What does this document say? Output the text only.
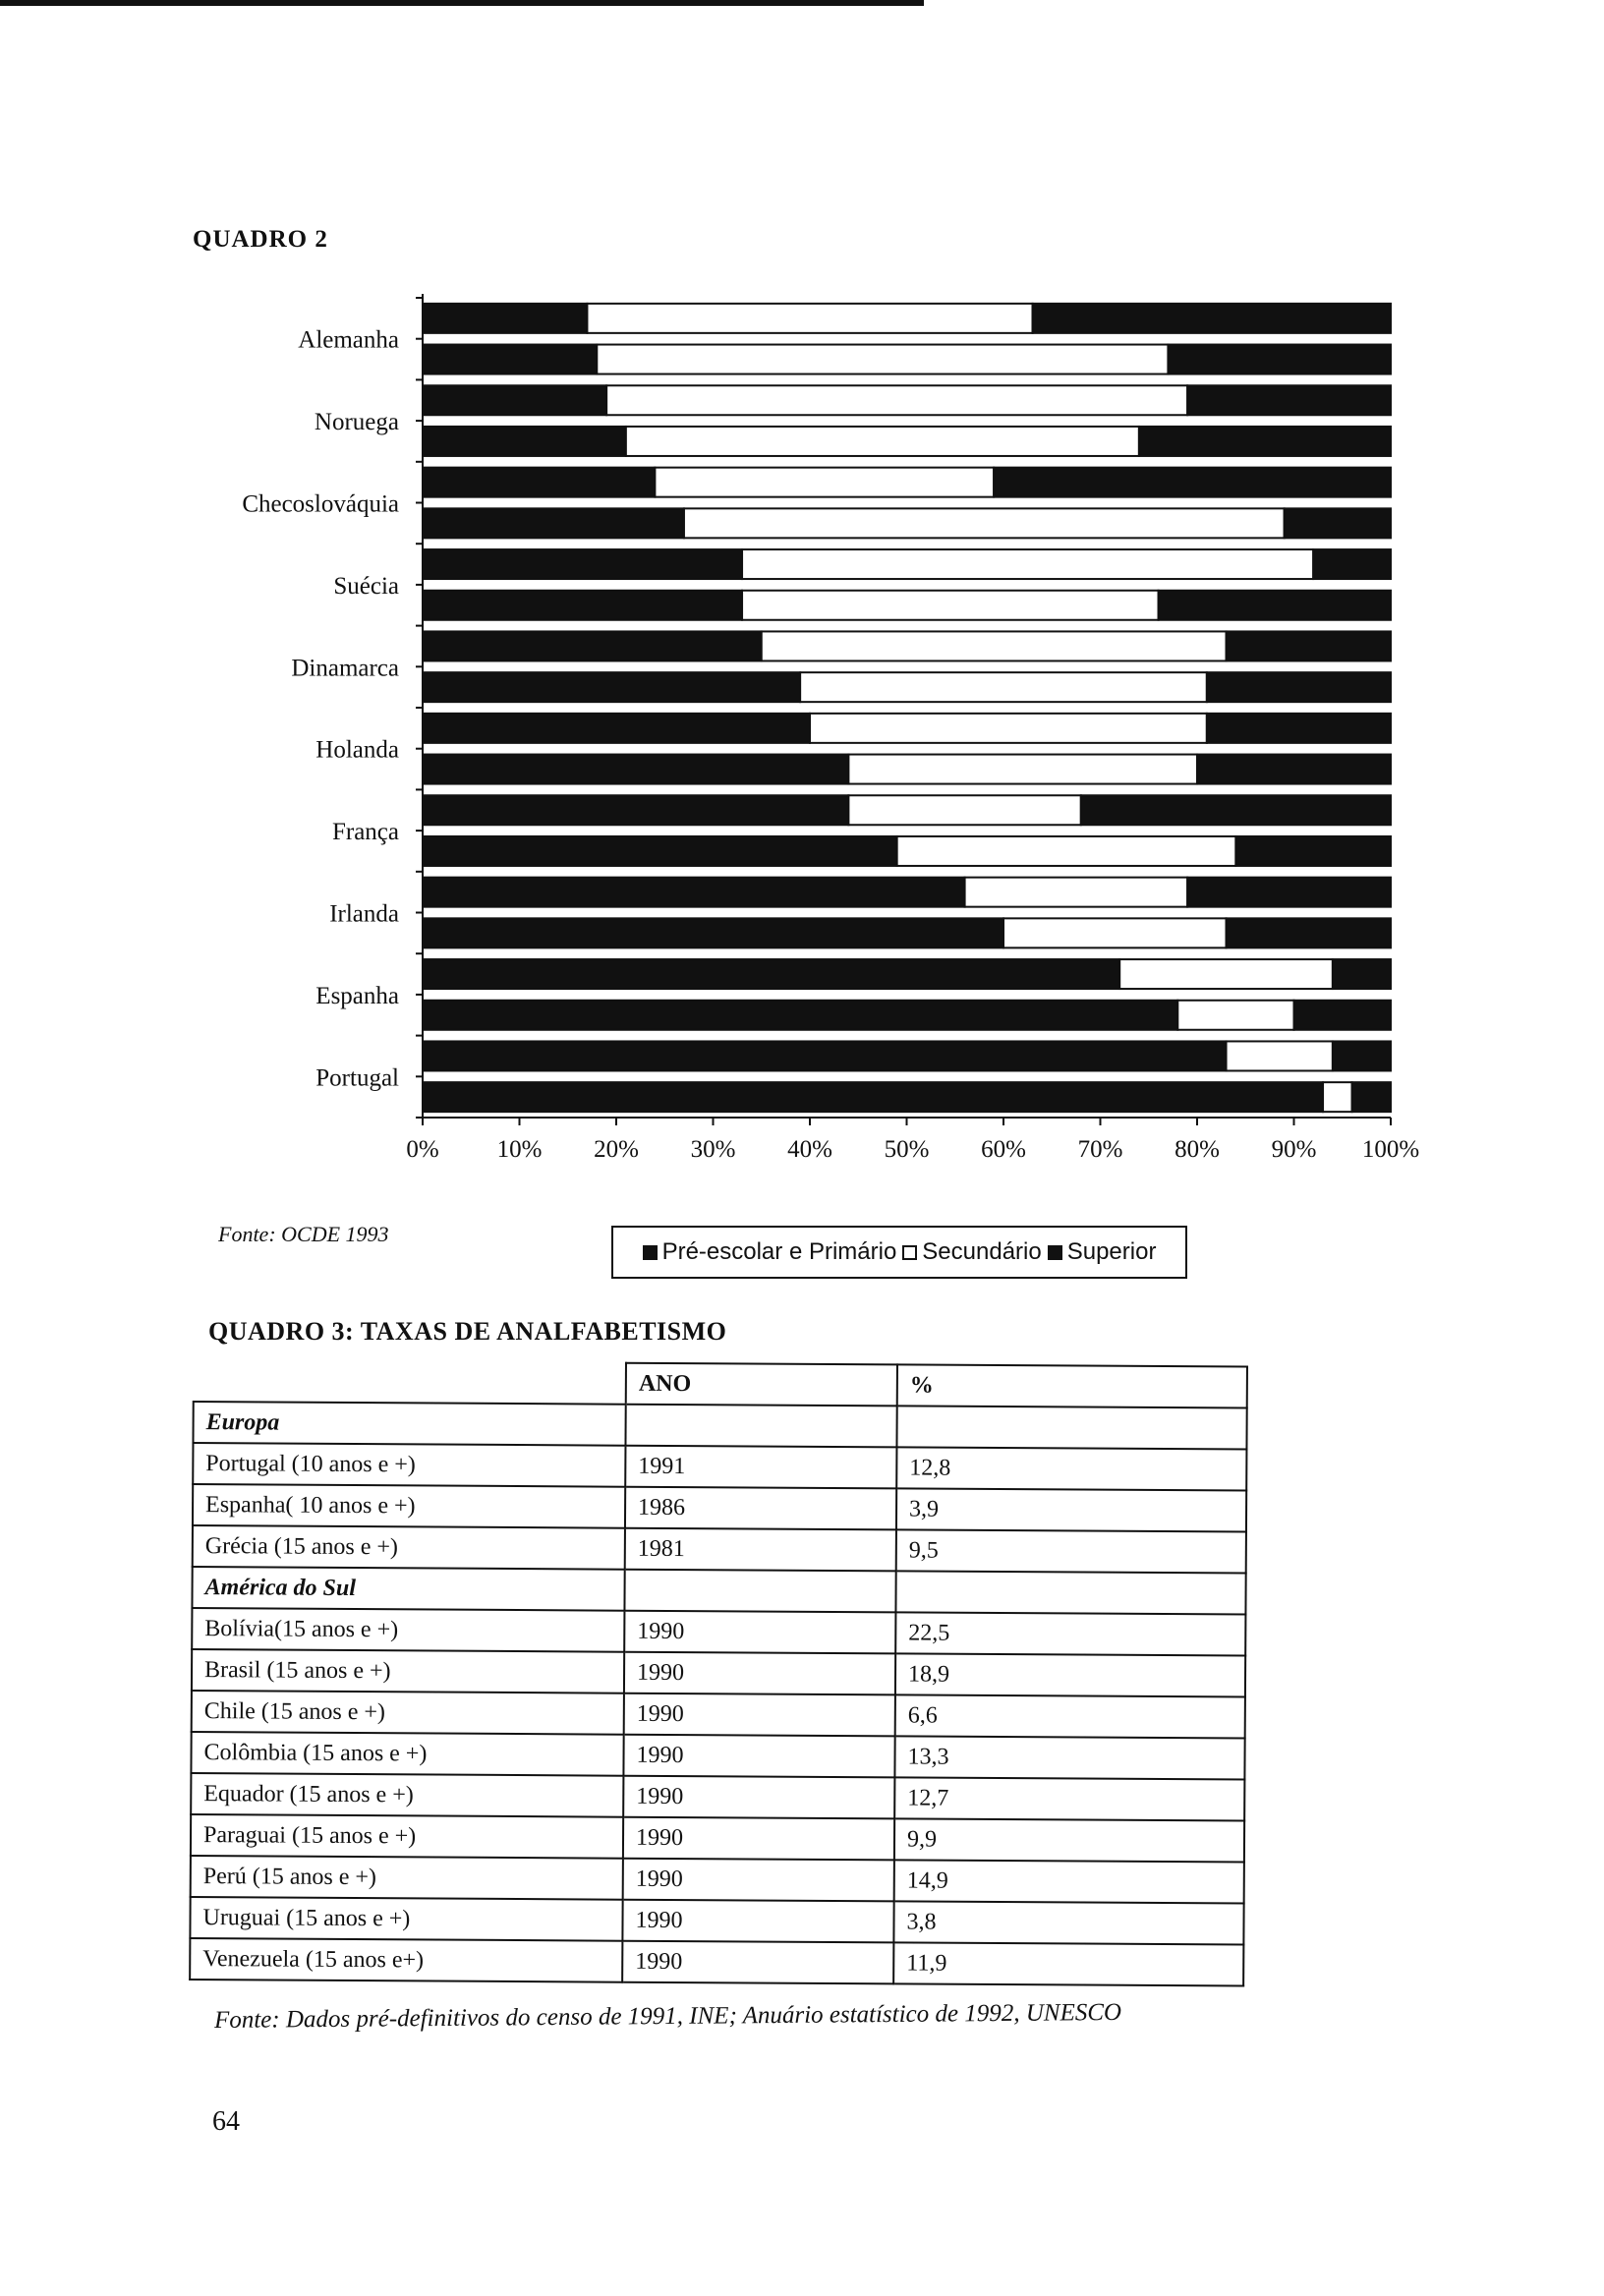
QUADRO 2
0% 10% 20% 30% 40% 50% 60% 70% 80% 90% 100%
Alemanha
Noruega
Checoslováquia
Suécia
Dinamarca
Holanda
França
Irlanda
Espanha
Portugal
Fonte: OCDE 1993
Pré-escolar e Primário Secundário Superior
QUADRO 3: TAXAS DE ANALFABETISMO
	ANO	%
Europa		
Portugal (10 anos e +)	1991	12,8
Espanha( 10 anos e +)	1986	3,9
Grécia (15 anos e +)	1981	9,5
América do Sul		
Bolívia(15 anos e +)	1990	22,5
Brasil (15 anos e +)	1990	18,9
Chile (15 anos e +)	1990	6,6
Colômbia (15 anos e +)	1990	13,3
Equador (15 anos e +)	1990	12,7
Paraguai (15 anos e +)	1990	9,9
Perú (15 anos e +)	1990	14,9
Uruguai (15 anos e +)	1990	3,8
Venezuela (15 anos e+)	1990	11,9
Fonte: Dados pré-definitivos do censo de 1991, INE; Anuário estatístico de 1992, UNESCO
64
